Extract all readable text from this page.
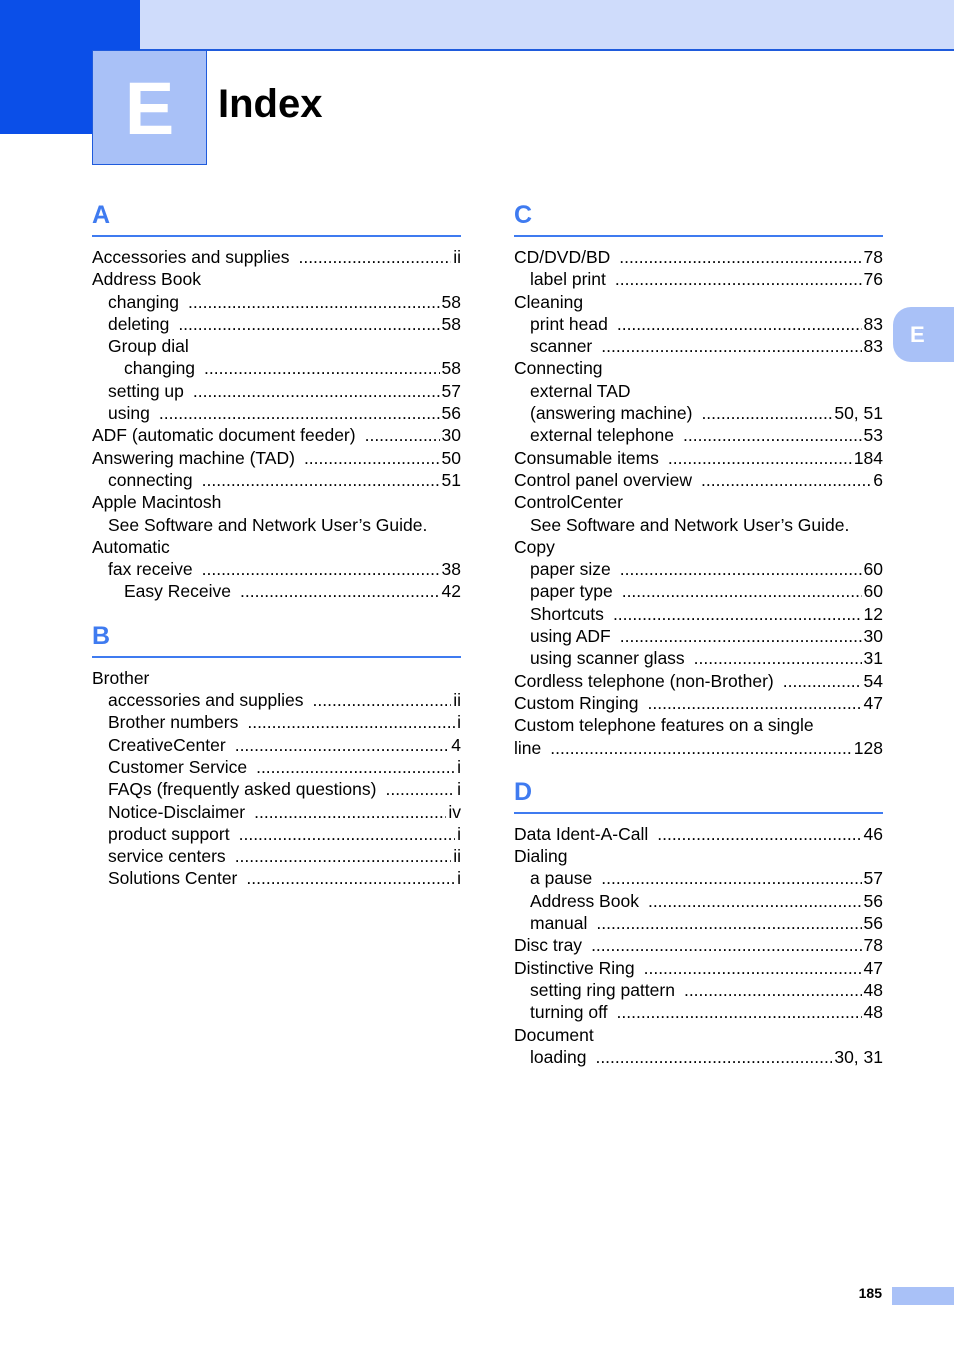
E	Index
E
A
Accessories and supplies .....	ii
Address Book
changing .....	58
deleting .....	58
Group dial
changing .....	58
setting up .....	57
using .....	56
ADF (automatic document feeder) .....	30
Answering machine (TAD) .....	50
connecting .....	51
Apple Macintosh
See Software and Network User’s Guide.
Automatic
fax receive .....	38
Easy Receive .....	42
B
Brother
accessories and supplies .....	ii
Brother numbers .....	i
CreativeCenter .....	4
Customer Service .....	i
FAQs (frequently asked questions) .....	i
Notice-Disclaimer .....	iv
product support .....	i
service centers .....	ii
Solutions Center .....	i
C
CD/DVD/BD .....	78
label print .....	76
Cleaning
print head .....	83
scanner .....	83
Connecting
external TAD
(answering machine) .....	50, 51
external telephone .....	53
Consumable items .....	184
Control panel overview .....	6
ControlCenter
See Software and Network User’s Guide.
Copy
paper size .....	60
paper type .....	60
Shortcuts .....	12
using ADF .....	30
using scanner glass .....	31
Cordless telephone (non-Brother) .....	54
Custom Ringing .....	47
Custom telephone features on a single
line .....	128
D
Data Ident-A-Call .....	46
Dialing
a pause .....	57
Address Book .....	56
manual .....	56
Disc tray .....	78
Distinctive Ring .....	47
setting ring pattern .....	48
turning off .....	48
Document
loading .....	30, 31
185
